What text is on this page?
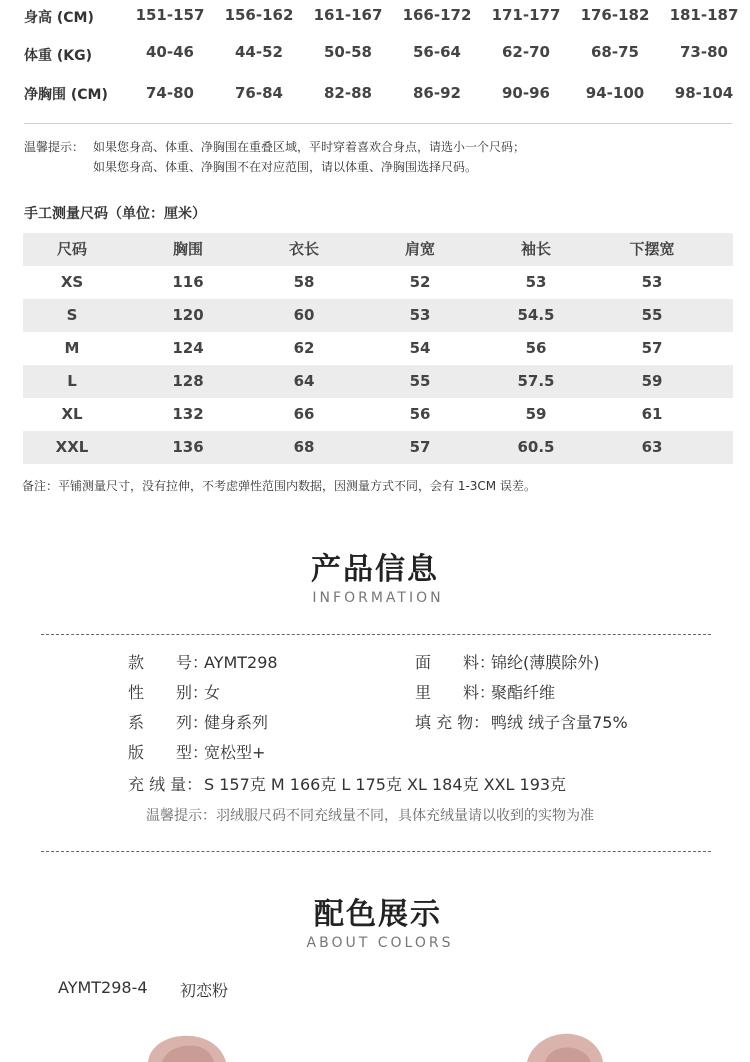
身高 (CM)	151-157	156-162	161-167	166-172	171-177	176-182	181-187
体重 (KG)	40-46	44-52	50-58	56-64	62-70	68-75	73-80
净胸围 (CM)	74-80	76-84	82-88	86-92	90-96	94-100	98-104
温馨提示： 如果您身高、体重、净胸围在重叠区域，平时穿着喜欢合身点，请选小一个尺码；
如果您身高、体重、净胸围不在对应范围，请以体重、净胸围选择尺码。
手工测量尺码（单位：厘米）
尺码	胸围	衣长	肩宽	袖长	下摆宽
XS	116	58	52	53	53
S	120	60	53	54.5	55
M	124	62	54	56	57
L	128	64	55	57.5	59
XL	132	66	56	59	61
XXL	136	68	57	60.5	63
备注：平铺测量尺寸，没有拉伸，不考虑弹性范围内数据，因测量方式不同，会有 1-3CM 误差。
产品信息
INFORMATION
款　　号：AYMT298	面　　料：锦纶(薄膜除外)
性　　别：女	里　　料：聚酯纤维
系　　列：健身系列	填 充 物： 鸭绒 绒子含量75%
版　　型：宽松型+
充 绒 量： S 157克 M 166克 L 175克 XL 184克 XXL 193克
温馨提示：羽绒服尺码不同充绒量不同，具体充绒量请以收到的实物为准
配色展示
ABOUT COLORS
AYMT298-4 初恋粉
